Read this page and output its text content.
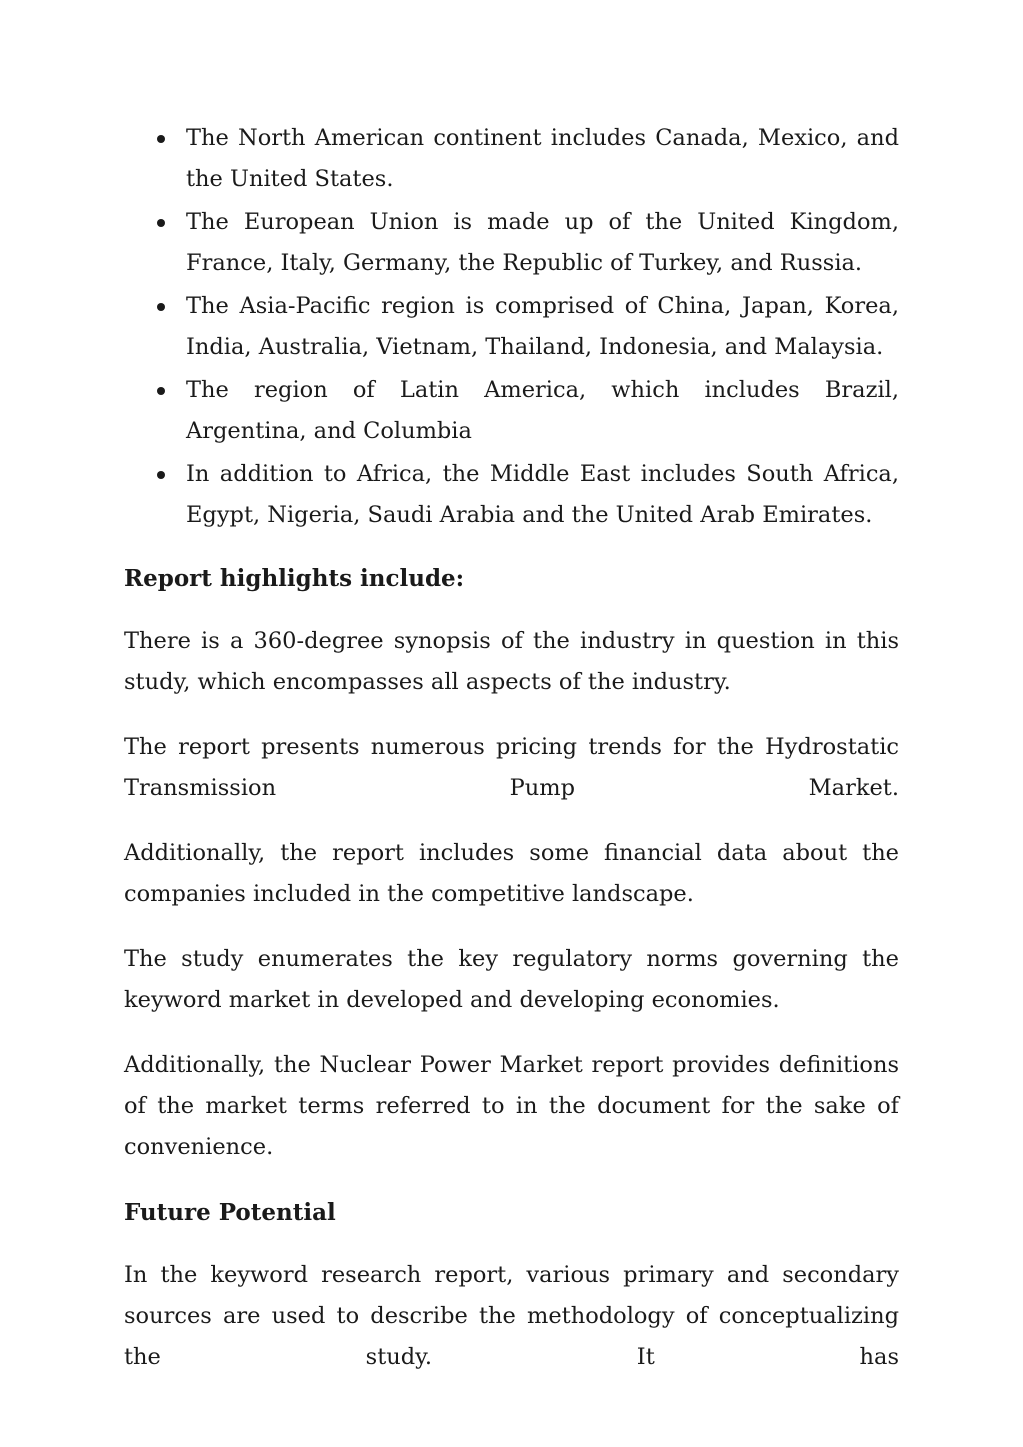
The North American continent includes Canada, Mexico, and the United States.
The European Union is made up of the United Kingdom, France, Italy, Germany, the Republic of Turkey, and Russia.
The Asia-Pacific region is comprised of China, Japan, Korea, India, Australia, Vietnam, Thailand, Indonesia, and Malaysia.
The region of Latin America, which includes Brazil, Argentina, and Columbia
In addition to Africa, the Middle East includes South Africa, Egypt, Nigeria, Saudi Arabia and the United Arab Emirates.
Report highlights include:

There is a 360-degree synopsis of the industry in question in this study, which encompasses all aspects of the industry.

The report presents numerous pricing trends for the Hydrostatic Transmission Pump Market.

Additionally, the report includes some financial data about the companies included in the competitive landscape.

The study enumerates the key regulatory norms governing the keyword market in developed and developing economies.

Additionally, the Nuclear Power Market report provides definitions of the market terms referred to in the document for the sake of convenience.

Future Potential

In the keyword research report, various primary and secondary sources are used to describe the methodology of conceptualizing the study. It has
